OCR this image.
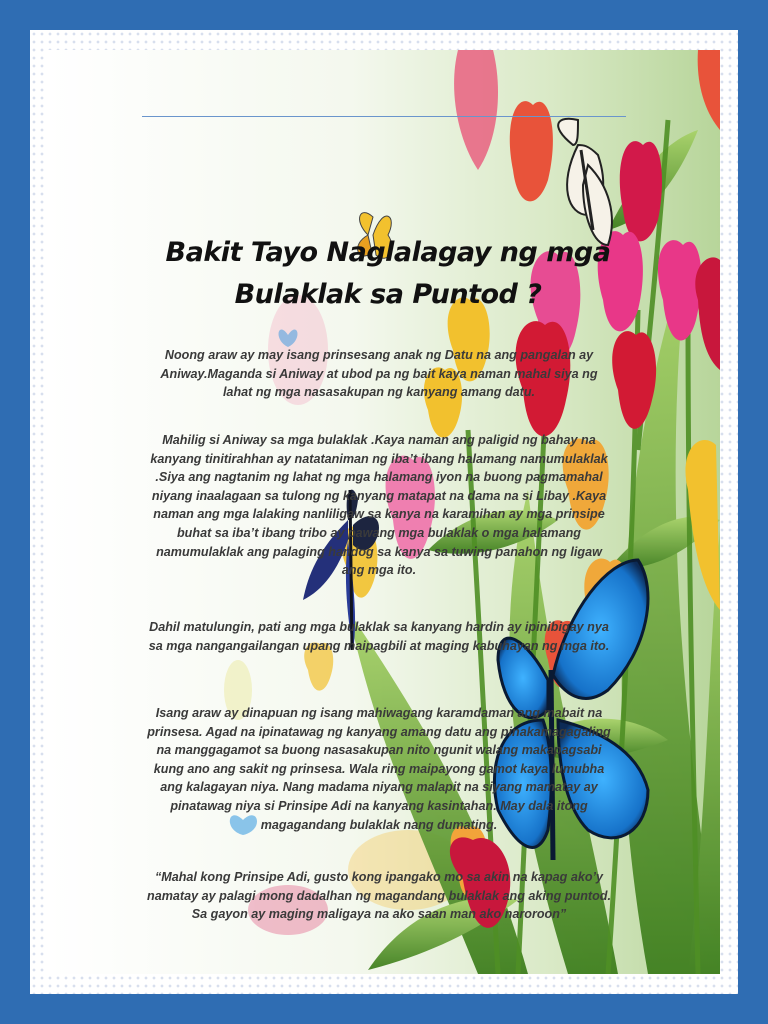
Bakit Tayo Naglalagay ng mga
Bulaklak sa Puntod ?
Noong araw ay may isang prinsesang anak ng Datu na ang pangalan ay Aniway.Maganda si Aniway at ubod pa ng bait kaya naman mahal siya ng lahat ng mga nasasakupan ng kanyang amang datu.
Mahilig si Aniway sa mga bulaklak .Kaya naman ang paligid ng bahay na kanyang tinitirahhan ay natataniman ng iba’t ibang halamang namumulaklak .Siya ang nagtanim ng lahat ng mga halamang iyon na buong pagmamahal niyang inaalagaan sa tulong ng kanyang matapat na dama na si Libay .Kaya naman ang mga lalaking nanliligaw sa kanya na karamihan ay mga prinsipe buhat sa iba’t ibang tribo ay pawang mga bulaklak o mga halamang namumulaklak ang palaging handog sa kanya sa tuwing panahon ng ligaw ang mga ito.
Dahil matulungin, pati ang mga bulaklak sa kanyang hardin ay ipinibigay nya sa mga nangangailangan upang maipagbili at maging kabuhayan ng mga ito.
Isang araw ay dinapuan ng isang mahiwagang karamdaman ang mabait na prinsesa. Agad na ipinatawag ng kanyang amang datu ang pinakamagagaling na manggagamot sa buong nasasakupan nito ngunit walang makapagsabi kung ano ang sakit ng prinsesa. Wala ring maipayong gamot kaya lumubha ang kalagayan niya. Nang madama niyang malapit na siyang mamatay ay pinatawag niya si Prinsipe Adi na kanyang kasintahan. May dala itong magagandang bulaklak nang dumating.
“Mahal kong Prinsipe Adi, gusto kong ipangako mo sa akin na kapag ako’y namatay ay palagi mong dadalhan ng magandang bulaklak ang aking puntod. Sa gayon ay maging maligaya na ako saan man ako naroroon”
